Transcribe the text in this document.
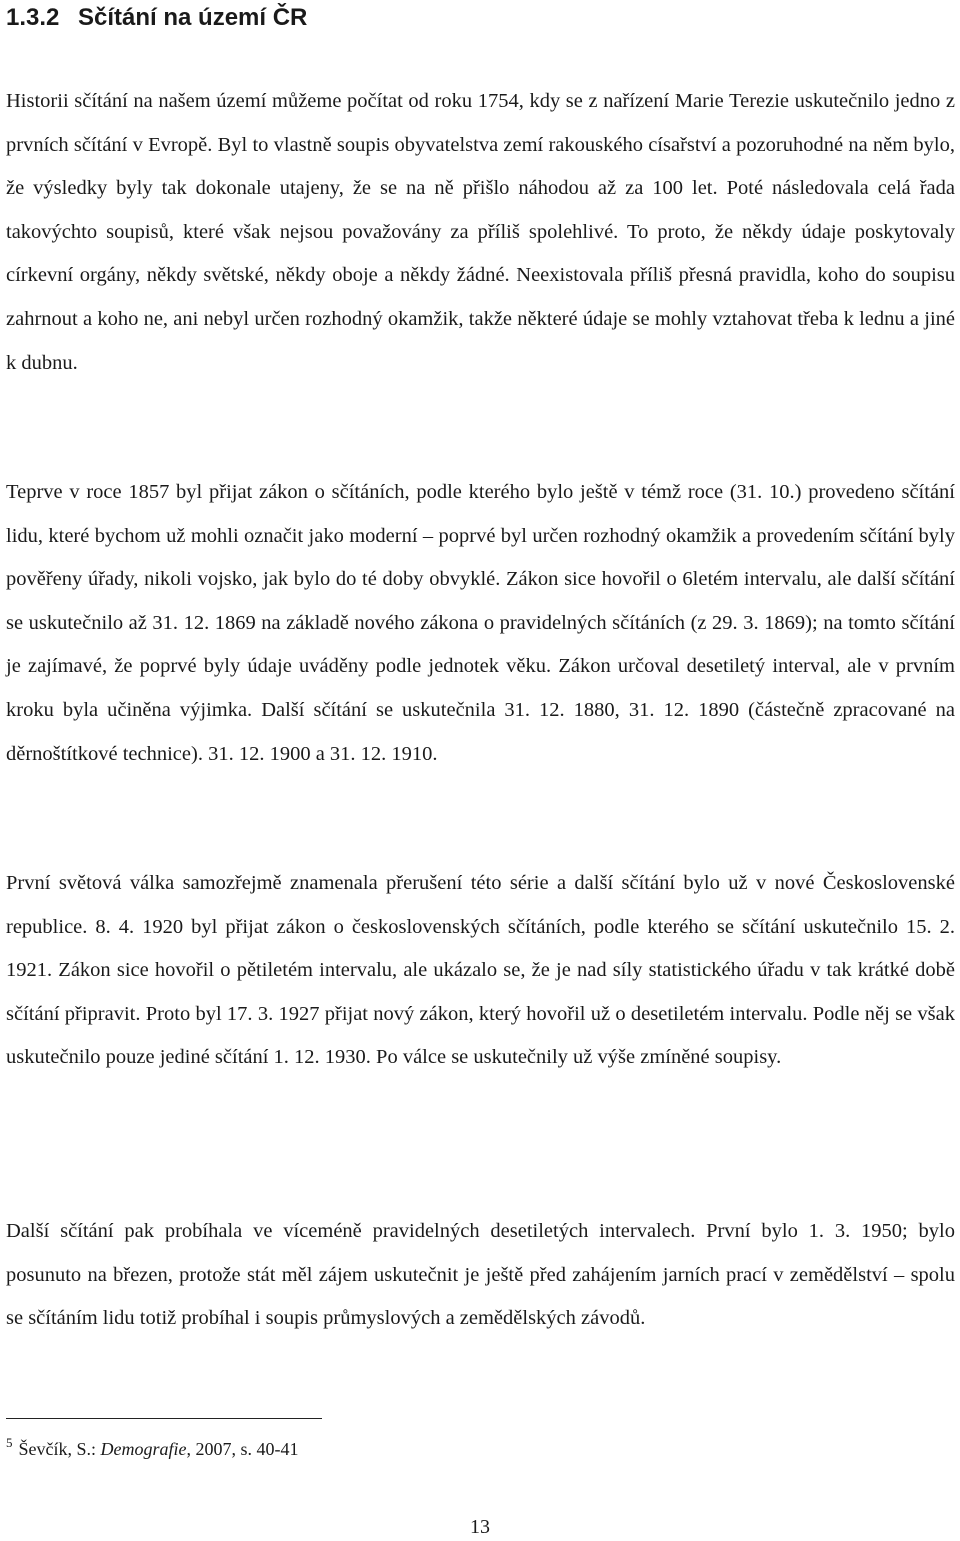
1.3.2 Sčítání na území ČR

Historii sčítání na našem území můžeme počítat od roku 1754, kdy se z nařízení Marie Terezie uskutečnilo jedno z prvních sčítání v Evropě. Byl to vlastně soupis obyvatelstva zemí rakouského císařství a pozoruhodné na něm bylo, že výsledky byly tak dokonale utajeny, že se na ně přišlo náhodou až za 100 let. Poté následovala celá řada takovýchto soupisů, které však nejsou považovány za příliš spolehlivé. To proto, že někdy údaje poskytovaly církevní orgány, někdy světské, někdy oboje a někdy žádné. Neexistovala příliš přesná pravidla, koho do soupisu zahrnout a koho ne, ani nebyl určen rozhodný okamžik, takže některé údaje se mohly vztahovat třeba k lednu a jiné k dubnu.

Teprve v roce 1857 byl přijat zákon o sčítáních, podle kterého bylo ještě v témž roce (31. 10.) provedeno sčítání lidu, které bychom už mohli označit jako moderní – poprvé byl určen rozhodný okamžik a provedením sčítání byly pověřeny úřady, nikoli vojsko, jak bylo do té doby obvyklé. Zákon sice hovořil o 6letém intervalu, ale další sčítání se uskutečnilo až 31. 12. 1869 na základě nového zákona o pravidelných sčítáních (z 29. 3. 1869); na tomto sčítání je zajímavé, že poprvé byly údaje uváděny podle jednotek věku. Zákon určoval desetiletý interval, ale v prvním kroku byla učiněna výjimka. Další sčítání se uskutečnila 31. 12. 1880, 31. 12. 1890 (částečně zpracované na děrnoštítkové technice). 31. 12. 1900 a 31. 12. 1910.

První světová válka samozřejmě znamenala přerušení této série a další sčítání bylo už v nové Československé republice. 8. 4. 1920 byl přijat zákon o československých sčítáních, podle kterého se sčítání uskutečnilo 15. 2. 1921. Zákon sice hovořil o pětiletém intervalu, ale ukázalo se, že je nad síly statistického úřadu v tak krátké době sčítání připravit. Proto byl 17. 3. 1927 přijat nový zákon, který hovořil už o desetiletém intervalu. Podle něj se však uskutečnilo pouze jediné sčítání 1. 12. 1930. Po válce se uskutečnily už výše zmíněné soupisy.

Další sčítání pak probíhala ve víceméně pravidelných desetiletých intervalech. První bylo 1. 3. 1950; bylo posunuto na březen, protože stát měl zájem uskutečnit je ještě před zahájením jarních prací v zemědělství – spolu se sčítáním lidu totiž probíhal i soupis průmyslových a zemědělských závodů.

$^5$ Ševčík, S.: Demografie, 2007, s. 40-41
13
